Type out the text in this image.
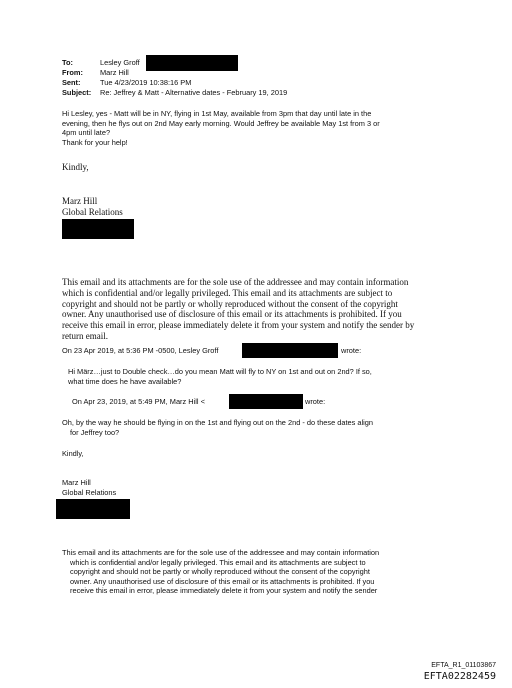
To:	Lesley Groff
From: Marz Hill
Sent:	Tue 4/23/2019 10:38:16 PM
Subject: Re: Jeffrey & Matt - Alternative dates - February 19, 2019
Hi Lesley, yes - Matt will be in NY, flying in 1st May, available from 3pm that day until late in the
evening, then he flys out on 2nd May early morning. Would Jeffrey be available May 1st from 3 or
4pm until late?
Thank for your help!
Kindly,
Marz Hill
Global Relations
This email and its attachments are for the sole use of the addressee and may contain information
which is confidential and/or legally privileged. This email and its attachments are subject to
copyright and should not be partly or wholly reproduced without the consent of the copyright
owner. Any unauthorised use of disclosure of this email or its attachments is prohibited. If you
receive this email in error, please immediately delete it from your system and notify the sender by
return email.
On 23 Apr 2019, at 5:36 PM -0500, Lesley Groff	wrote:
Hi März…just to Double check…do you mean Matt will fly to NY on 1st and out on 2nd? If so,
what time does he have available?
On Apr 23, 2019, at 5:49 PM, Marz Hill <	wrote:
Oh, by the way he should be flying in on the 1st and flying out on the 2nd - do these dates align
for Jeffrey too?
Kindly,
Marz Hill
Global Relations
This email and its attachments are for the sole use of the addressee and may contain information
which is confidential and/or legally privileged. This email and its attachments are subject to
copyright and should not be partly or wholly reproduced without the consent of the copyright
owner. Any unauthorised use of disclosure of this email or its attachments is prohibited. If you
receive this email in error, please immediately delete it from your system and notify the sender
EFTA_R1_01103867
EFTA02282459
